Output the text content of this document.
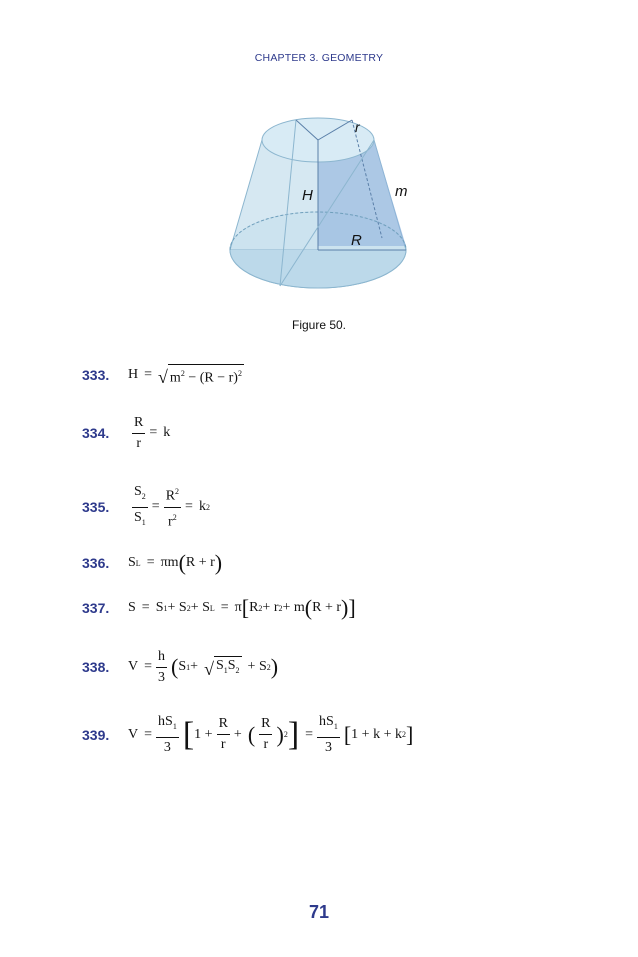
CHAPTER 3. GEOMETRY
r
H	m
R
Figure 50.
333.	H = √ $m^2 - (R - r)^2$
334.	$\frac{R}{r} = k$
335.	$\frac{S_2}{S_1} = \frac{R^2}{r^2} = k$ 2
336.	S L = πm ( R + r )
337.	S = S 1 + S 2 + S L = π [ R 2 + r 2 + m ( R + r ) ]
338.	$V = \frac{h}{3}$ ( S 1 + √ $S_1S_2 + S$ 2 )
339.	$V = \frac{hS_1}{3}$ [ $1 + \frac{R}{r}$ + ( $\frac{R}{r}$ ) 2 ] = $\frac{hS_1}{3}$ [ 1 + k + k 2 ]
71
